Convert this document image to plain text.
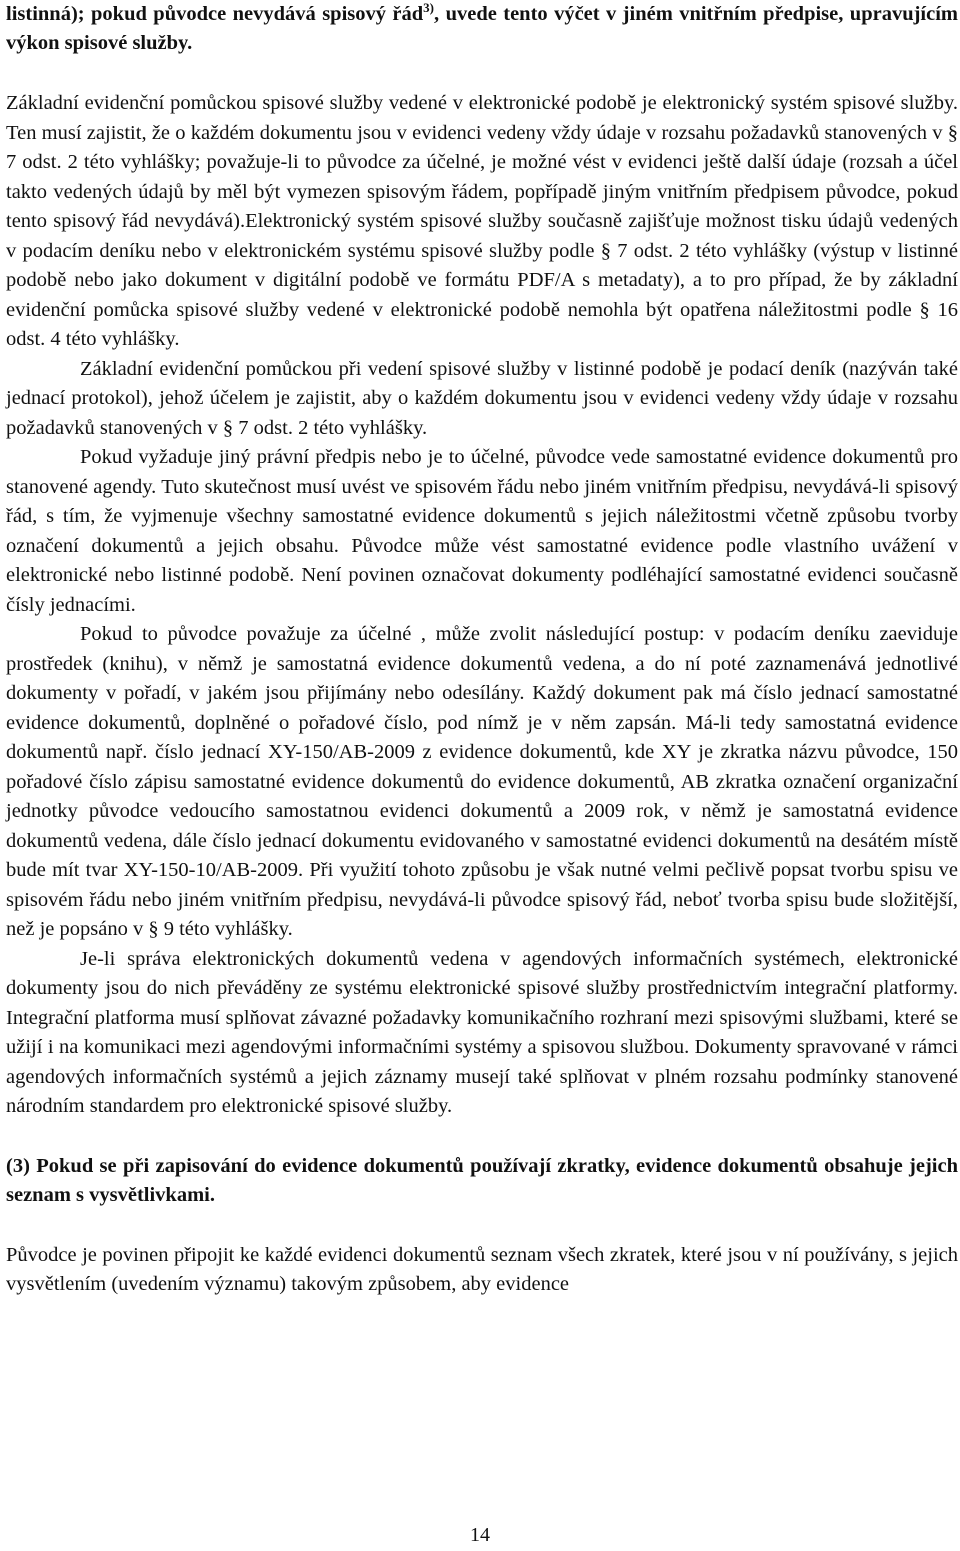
listinná); pokud původce nevydává spisový řád$^{3)}$, uvede tento výčet v jiném vnitřním předpise, upravujícím výkon spisové služby.

Základní evidenční pomůckou spisové služby vedené v elektronické podobě je elektronický systém spisové služby. Ten musí zajistit, že o každém dokumentu jsou v evidenci vedeny vždy údaje v rozsahu požadavků stanovených v § 7 odst. 2 této vyhlášky; považuje-li to původce za účelné, je možné vést v evidenci ještě další údaje (rozsah a účel takto vedených údajů by měl být vymezen spisovým řádem, popřípadě jiným vnitřním předpisem původce, pokud tento spisový řád nevydává).Elektronický systém spisové služby současně zajišťuje možnost tisku údajů vedených v podacím deníku nebo v elektronickém systému spisové služby podle § 7 odst. 2 této vyhlášky (výstup v listinné podobě nebo jako dokument v digitální podobě ve formátu PDF/A s metadaty), a to pro případ, že by základní evidenční pomůcka spisové služby vedené v elektronické podobě nemohla být opatřena náležitostmi podle § 16 odst. 4 této vyhlášky.

Základní evidenční pomůckou při vedení spisové služby v listinné podobě je podací deník (nazýván také jednací protokol), jehož účelem je zajistit, aby o každém dokumentu jsou v evidenci vedeny vždy údaje v rozsahu požadavků stanovených v § 7 odst. 2 této vyhlášky.

Pokud vyžaduje jiný právní předpis nebo je to účelné, původce vede samostatné evidence dokumentů pro stanovené agendy. Tuto skutečnost musí uvést ve spisovém řádu nebo jiném vnitřním předpisu, nevydává-li spisový řád, s tím, že vyjmenuje všechny samostatné evidence dokumentů s jejich náležitostmi včetně způsobu tvorby označení dokumentů a jejich obsahu. Původce může vést samostatné evidence podle vlastního uvážení v elektronické nebo listinné podobě. Není povinen označovat dokumenty podléhající samostatné evidenci současně čísly jednacími.

Pokud to původce považuje za účelné , může zvolit následující postup: v podacím deníku zaeviduje prostředek (knihu), v němž je samostatná evidence dokumentů vedena, a do ní poté zaznamenává jednotlivé dokumenty v pořadí, v jakém jsou přijímány nebo odesílány. Každý dokument pak má číslo jednací samostatné evidence dokumentů, doplněné o pořadové číslo, pod nímž je v něm zapsán. Má-li tedy samostatná evidence dokumentů např. číslo jednací XY-150/AB-2009 z evidence dokumentů, kde XY je zkratka názvu původce, 150 pořadové číslo zápisu samostatné evidence dokumentů do evidence dokumentů, AB zkratka označení organizační jednotky původce vedoucího samostatnou evidenci dokumentů a 2009 rok, v němž je samostatná evidence dokumentů vedena, dále číslo jednací dokumentu evidovaného v samostatné evidenci dokumentů na desátém místě bude mít tvar XY-150-10/AB-2009. Při využití tohoto způsobu je však nutné velmi pečlivě popsat tvorbu spisu ve spisovém řádu nebo jiném vnitřním předpisu, nevydává-li původce spisový řád, neboť tvorba spisu bude složitější, než je popsáno v § 9 této vyhlášky.

Je-li správa elektronických dokumentů vedena v agendových informačních systémech, elektronické dokumenty jsou do nich převáděny ze systému elektronické spisové služby prostřednictvím integrační platformy. Integrační platforma musí splňovat závazné požadavky komunikačního rozhraní mezi spisovými službami, které se užijí i na komunikaci mezi agendovými informačními systémy a spisovou službou. Dokumenty spravované v rámci agendových informačních systémů a jejich záznamy musejí také splňovat v plném rozsahu podmínky stanovené národním standardem pro elektronické spisové služby.

(3) Pokud se při zapisování do evidence dokumentů používají zkratky, evidence dokumentů obsahuje jejich seznam s vysvětlivkami.

Původce je povinen připojit ke každé evidenci dokumentů seznam všech zkratek, které jsou v ní používány, s jejich vysvětlením (uvedením významu) takovým způsobem, aby evidence

14
